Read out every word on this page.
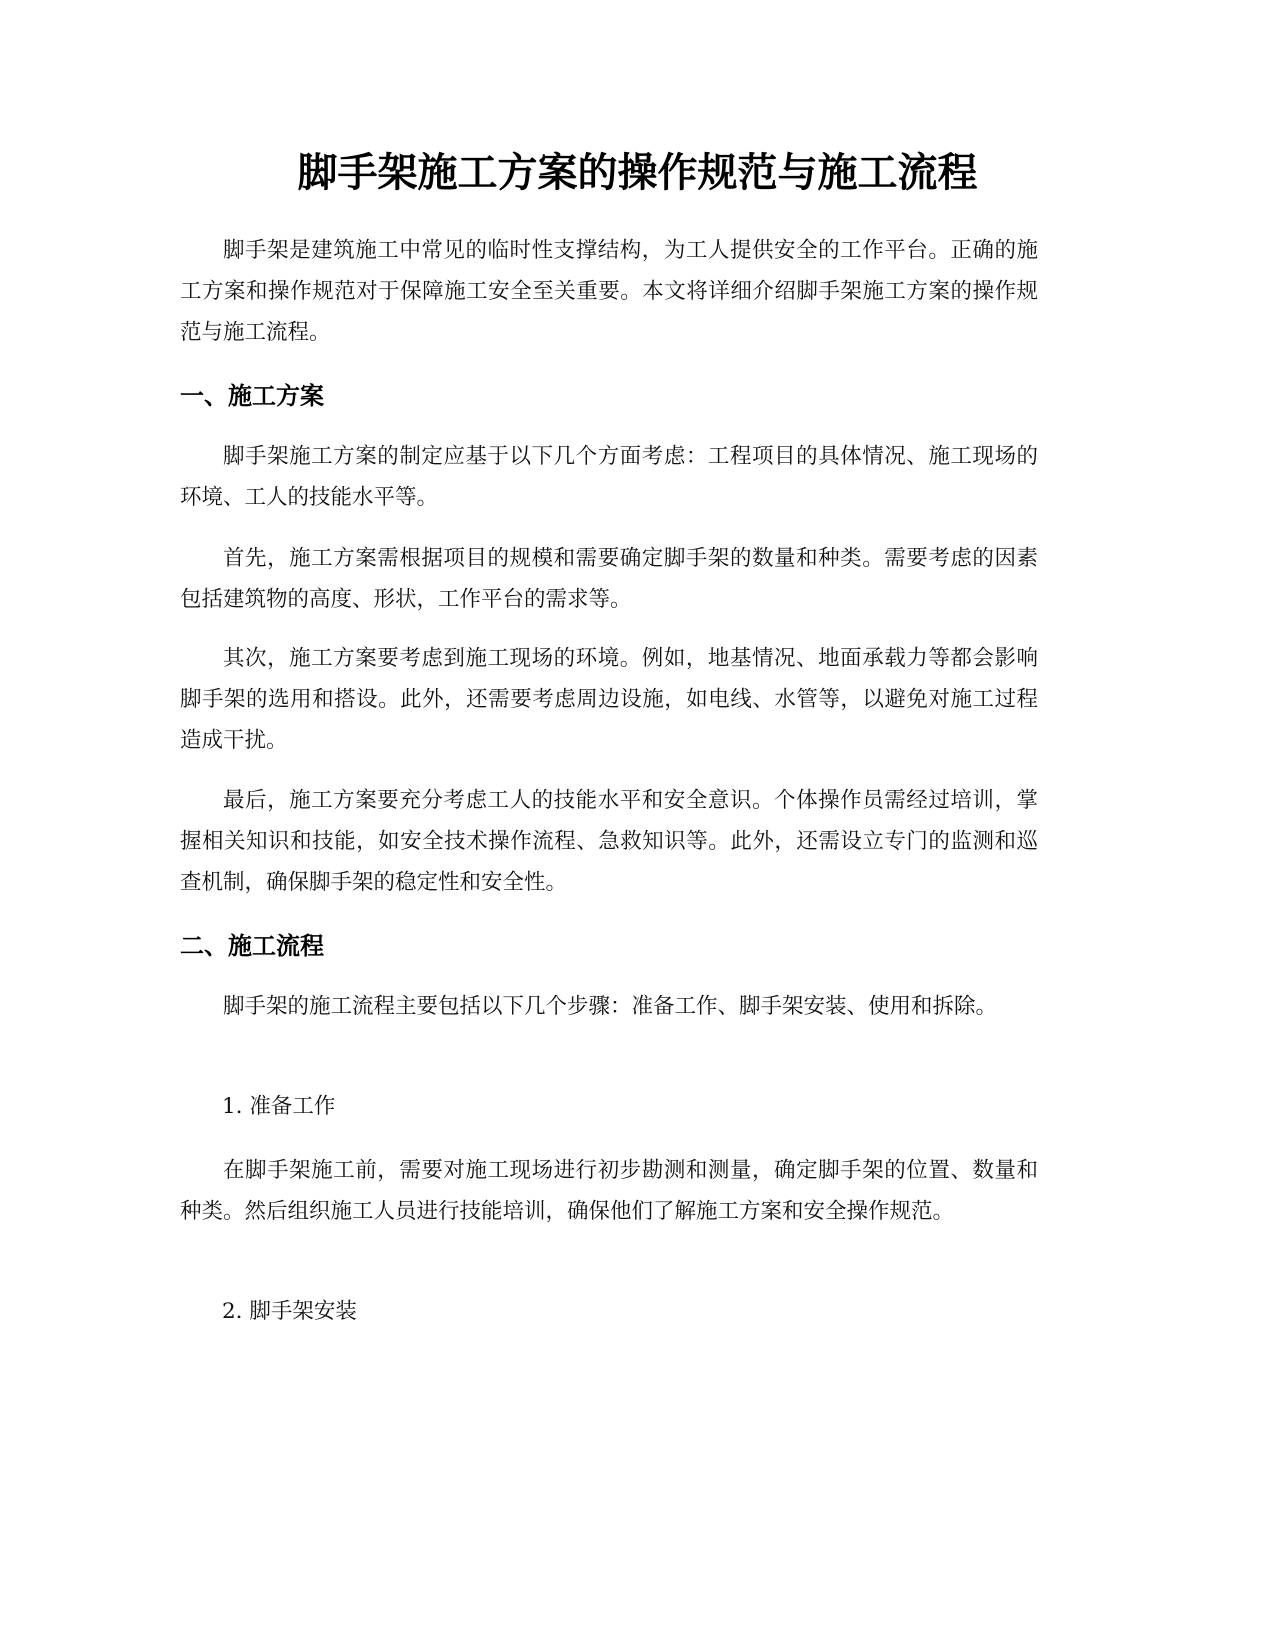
脚手架施工方案的操作规范与施工流程

脚手架是建筑施工中常见的临时性支撑结构，为工人提供安全的工作平台。正确的施工方案和操作规范对于保障施工安全至关重要。本文将详细介绍脚手架施工方案的操作规范与施工流程。

一、施工方案

脚手架施工方案的制定应基于以下几个方面考虑：工程项目的具体情况、施工现场的环境、工人的技能水平等。

首先，施工方案需根据项目的规模和需要确定脚手架的数量和种类。需要考虑的因素包括建筑物的高度、形状，工作平台的需求等。

其次，施工方案要考虑到施工现场的环境。例如，地基情况、地面承载力等都会影响脚手架的选用和搭设。此外，还需要考虑周边设施，如电线、水管等，以避免对施工过程造成干扰。

最后，施工方案要充分考虑工人的技能水平和安全意识。个体操作员需经过培训，掌握相关知识和技能，如安全技术操作流程、急救知识等。此外，还需设立专门的监测和巡查机制，确保脚手架的稳定性和安全性。

二、施工流程

脚手架的施工流程主要包括以下几个步骤：准备工作、脚手架安装、使用和拆除。

1. 准备工作

在脚手架施工前，需要对施工现场进行初步勘测和测量，确定脚手架的位置、数量和种类。然后组织施工人员进行技能培训，确保他们了解施工方案和安全操作规范。

2. 脚手架安装
